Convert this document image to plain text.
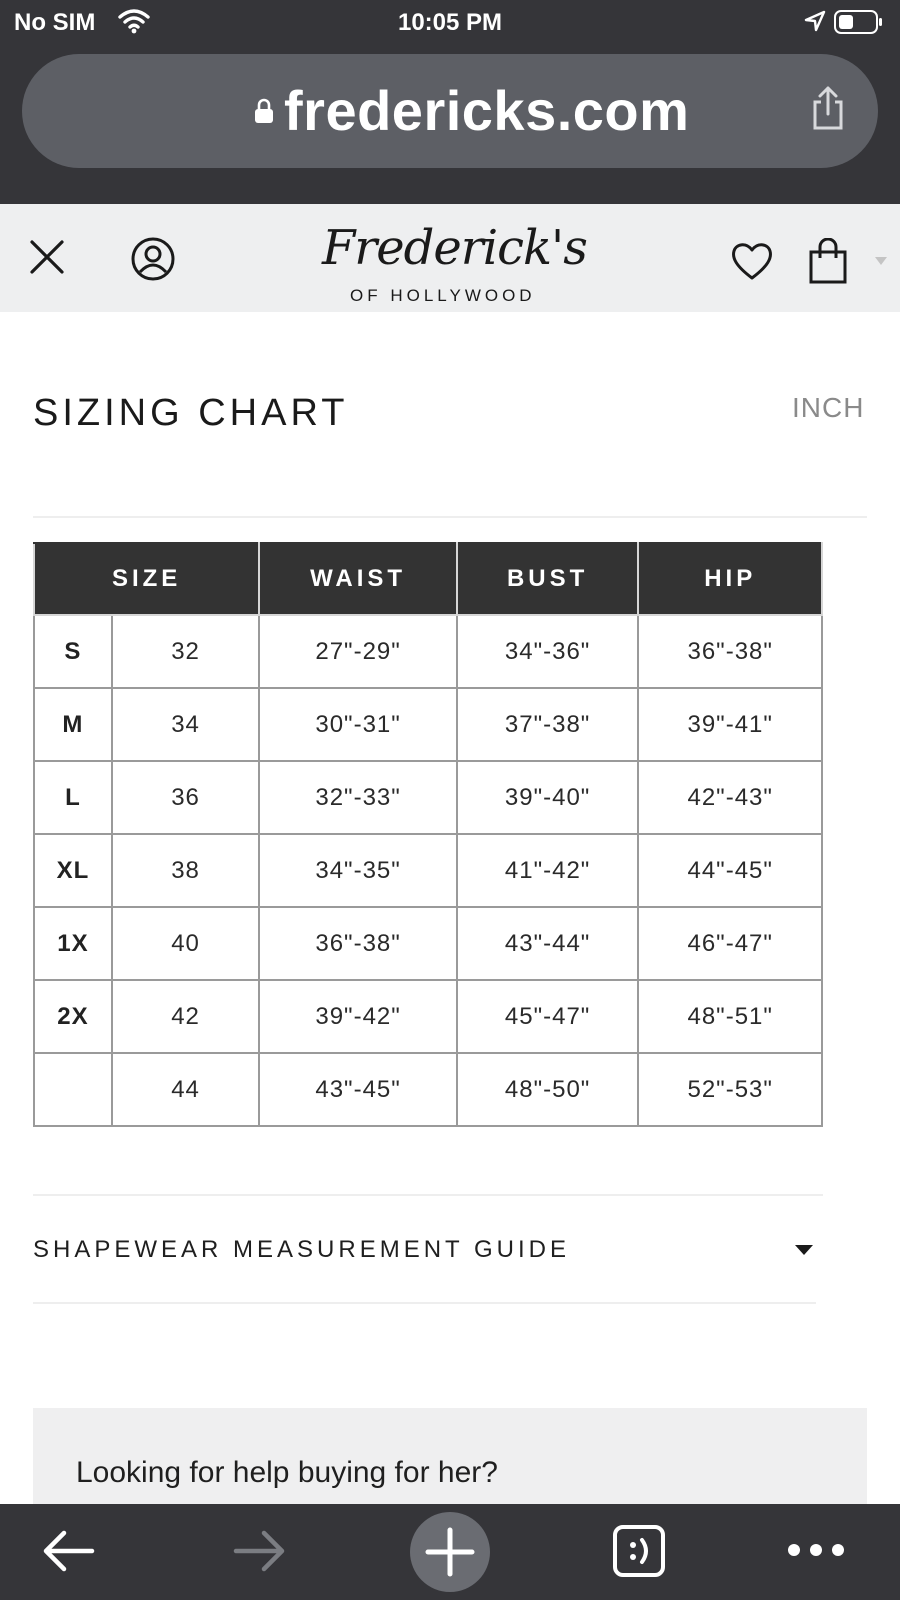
No SIM	10:05 PM
fredericks.com
Frederick's
OF HOLLYWOOD
SIZING CHART	INCH
SIZE		WAIST	BUST	HIP
S	32	27"-29"	34"-36"	36"-38"
M	34	30"-31"	37"-38"	39"-41"
L	36	32"-33"	39"-40"	42"-43"
XL	38	34"-35"	41"-42"	44"-45"
1X	40	36"-38"	43"-44"	46"-47"
2X	42	39"-42"	45"-47"	48"-51"
	44	43"-45"	48"-50"	52"-53"
SHAPEWEAR MEASUREMENT GUIDE
Looking for help buying for her?
